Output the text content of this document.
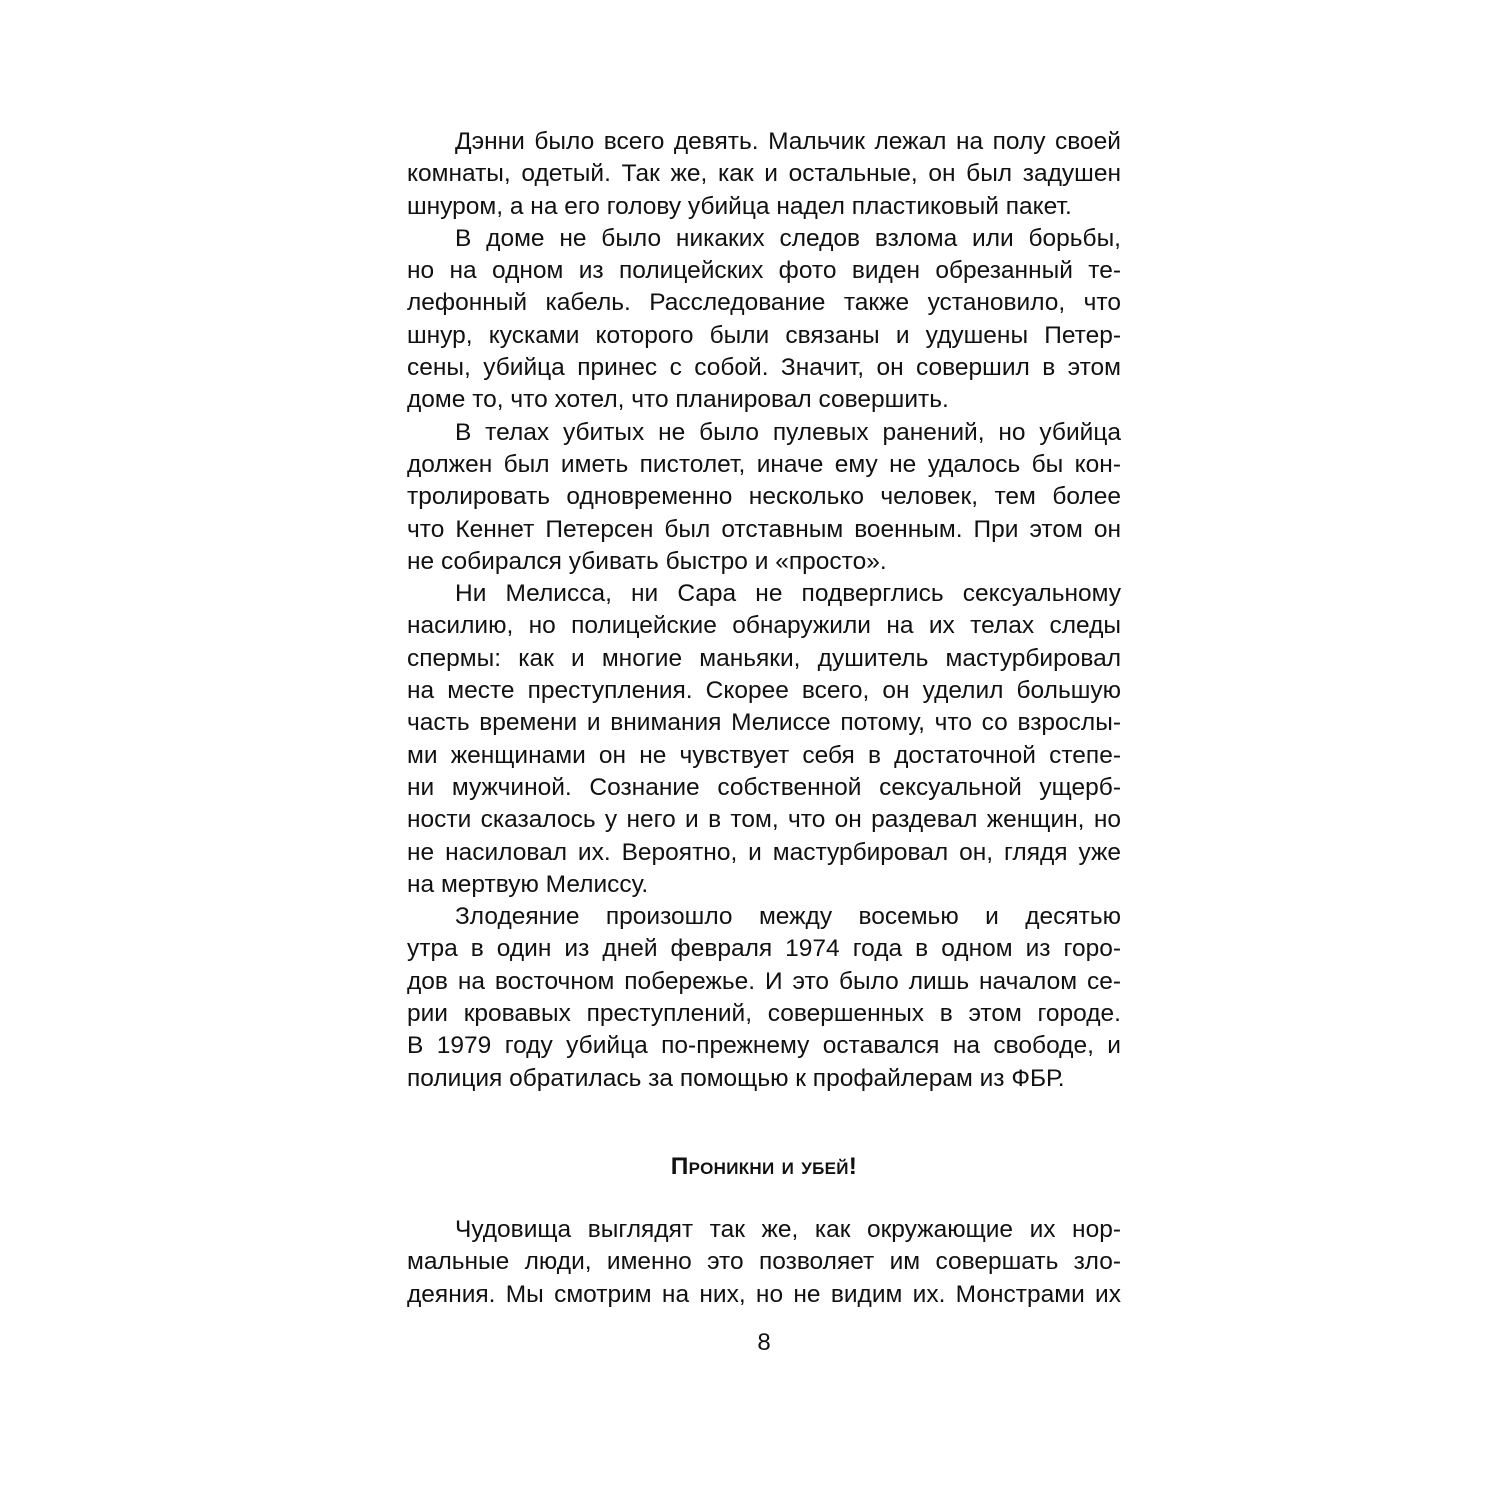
Дэнни было всего девять. Мальчик лежал на полу своей
комнаты, одетый. Так же, как и остальные, он был задушен
шнуром, а на его голову убийца надел пластиковый пакет.
В доме не было никаких следов взлома или борьбы,
но на одном из полицейских фото виден обрезанный те-
лефонный кабель. Расследование также установило, что
шнур, кусками которого были связаны и удушены Петер-
сены, убийца принес с собой. Значит, он совершил в этом
доме то, что хотел, что планировал совершить.
В телах убитых не было пулевых ранений, но убийца
должен был иметь пистолет, иначе ему не удалось бы кон-
тролировать одновременно несколько человек, тем более
что Кеннет Петерсен был отставным военным. При этом он
не собирался убивать быстро и «просто».
Ни Мелисса, ни Сара не подверглись сексуальному
насилию, но полицейские обнаружили на их телах следы
спермы: как и многие маньяки, душитель мастурбировал
на месте преступления. Скорее всего, он уделил большую
часть времени и внимания Мелиссе потому, что со взрослы-
ми женщинами он не чувствует себя в достаточной степе-
ни мужчиной. Сознание собственной сексуальной ущерб-
ности сказалось у него и в том, что он раздевал женщин, но
не насиловал их. Вероятно, и мастурбировал он, глядя уже
на мертвую Мелиссу.
Злодеяние произошло между восемью и десятью
утра в один из дней февраля 1974 года в одном из горо-
дов на восточном побережье. И это было лишь началом се-
рии кровавых преступлений, совершенных в этом городе.
В 1979 году убийца по-прежнему оставался на свободе, и
полиция обратилась за помощью к профайлерам из ФБР.
Проникни и убей!
Чудовища выглядят так же, как окружающие их нор-
мальные люди, именно это позволяет им совершать зло-
деяния. Мы смотрим на них, но не видим их. Монстрами их
8
